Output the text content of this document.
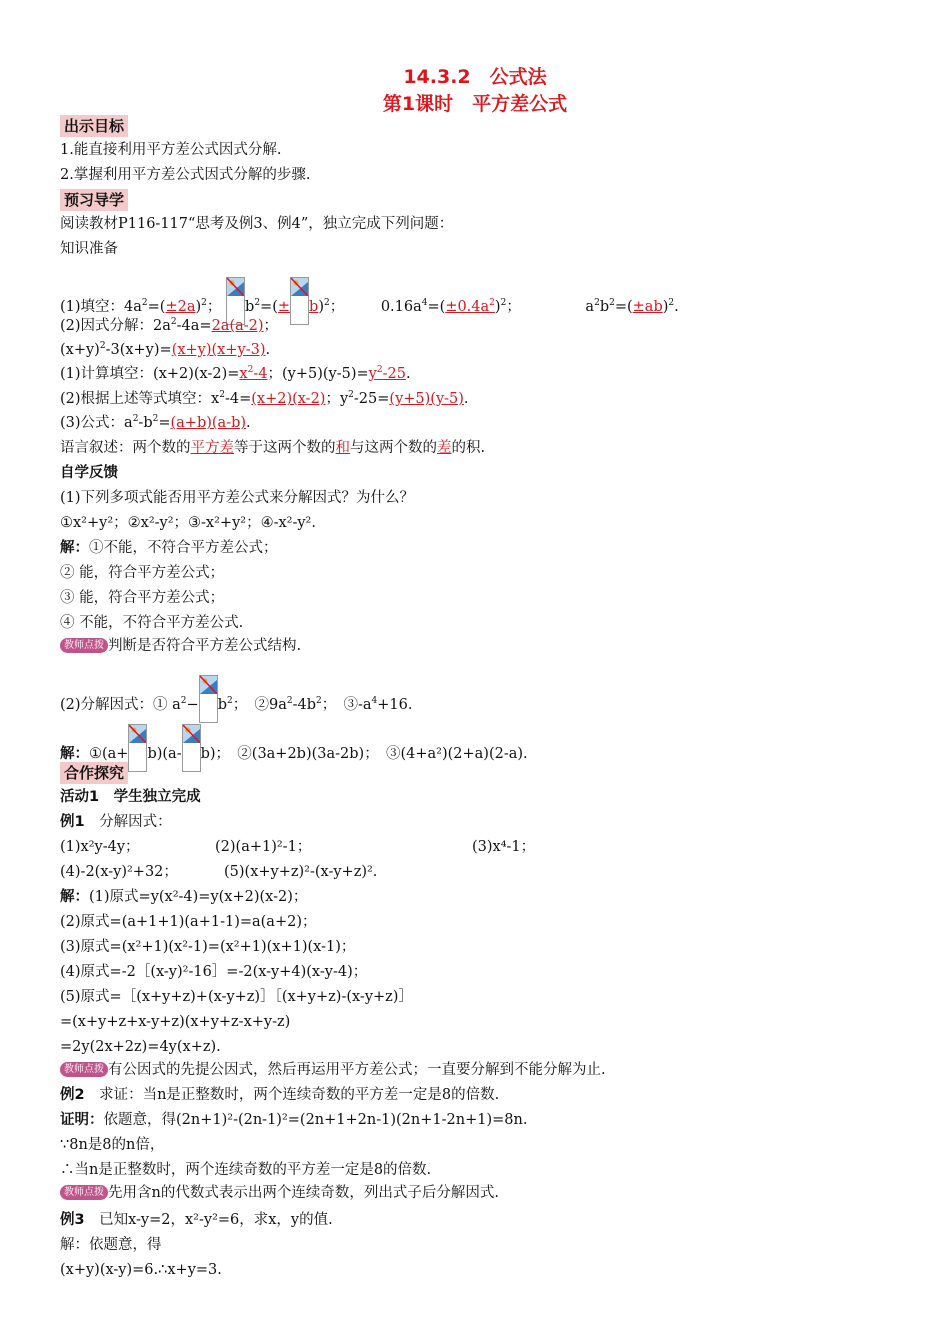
14.3.2　公式法
第1课时　平方差公式
出示目标
1.能直接利用平方差公式因式分解.
2.掌握利用平方差公式因式分解的步骤.
预习导学
阅读教材P116-117“思考及例3、例4”，独立完成下列问题：
知识准备
(1)填空：$4a^2=(\pm 2a)^2$；
$b^2=(\pm b)^2$； $0.16a^4=(\pm 0.4a^2)^2$；	$a^2b^2=(\pm ab)^2$.
(2)因式分解：$2a^2-4a=2a(a-2)$；
$(x+y)^2-3(x+y)=(x+y)(x+y-3)$.
(1)计算填空：$(x+2)(x-2)=x^2-4$；$(y+5)(y-5)=y^2-25$.
(2)根据上述等式填空：$x^2-4=(x+2)(x-2)$；$y^2-25=(y+5)(y-5)$.
(3)公式：$a^2-b^2=(a+b)(a-b)$.
语言叙述：两个数的平方差等于这两个数的和与这两个数的差的积.
自学反馈
(1)下列多项式能否用平方差公式来分解因式？为什么？
①x²+y²；②x²-y²；③-x²+y²；④-x²-y².
解：①不能，不符合平方差公式；
② 能，符合平方差公式；
③ 能，符合平方差公式；
④ 不能，不符合平方差公式.
教师点拨 判断是否符合平方差公式结构.
(2)分解因式：① $a^2- b^2$；　$②9a^2-4b^2$；　$③-a^4+16$.
解：①(a+ b)(a- b)；　②(3a+2b)(3a-2b)；　③(4+a²)(2+a)(2-a).
合作探究
活动1　学生独立完成
例1　 分解因式：
(1)x²y-4y；	(2)(a+1)²-1；	(3)x⁴-1；
(4)-2(x-y)²+32；	(5)(x+y+z)²-(x-y+z)².
解：(1)原式=y(x²-4)=y(x+2)(x-2)；
(2)原式=(a+1+1)(a+1-1)=a(a+2)；
(3)原式=(x²+1)(x²-1)=(x²+1)(x+1)(x-1)；
(4)原式=-2［(x-y)²-16］=-2(x-y+4)(x-y-4)；
(5)原式=［(x+y+z)+(x-y+z)］［(x+y+z)-(x-y+z)］
=(x+y+z+x-y+z)(x+y+z-x+y-z)
=2y(2x+2z)=4y(x+z).
教师点拨 有公因式的先提公因式，然后再运用平方差公式；一直要分解到不能分解为止.
例2　 求证：当n是正整数时，两个连续奇数的平方差一定是8的倍数.
证明：依题意，得(2n+1)²-(2n-1)²=(2n+1+2n-1)(2n+1-2n+1)=8n.
∵8n是8的n倍，
∴当n是正整数时，两个连续奇数的平方差一定是8的倍数.
教师点拨 先用含n的代数式表示出两个连续奇数，列出式子后分解因式.
例3　 已知x-y=2，x²-y²=6，求x，y的值.
解：依题意，得
(x+y)(x-y)=6.∴x+y=3.
